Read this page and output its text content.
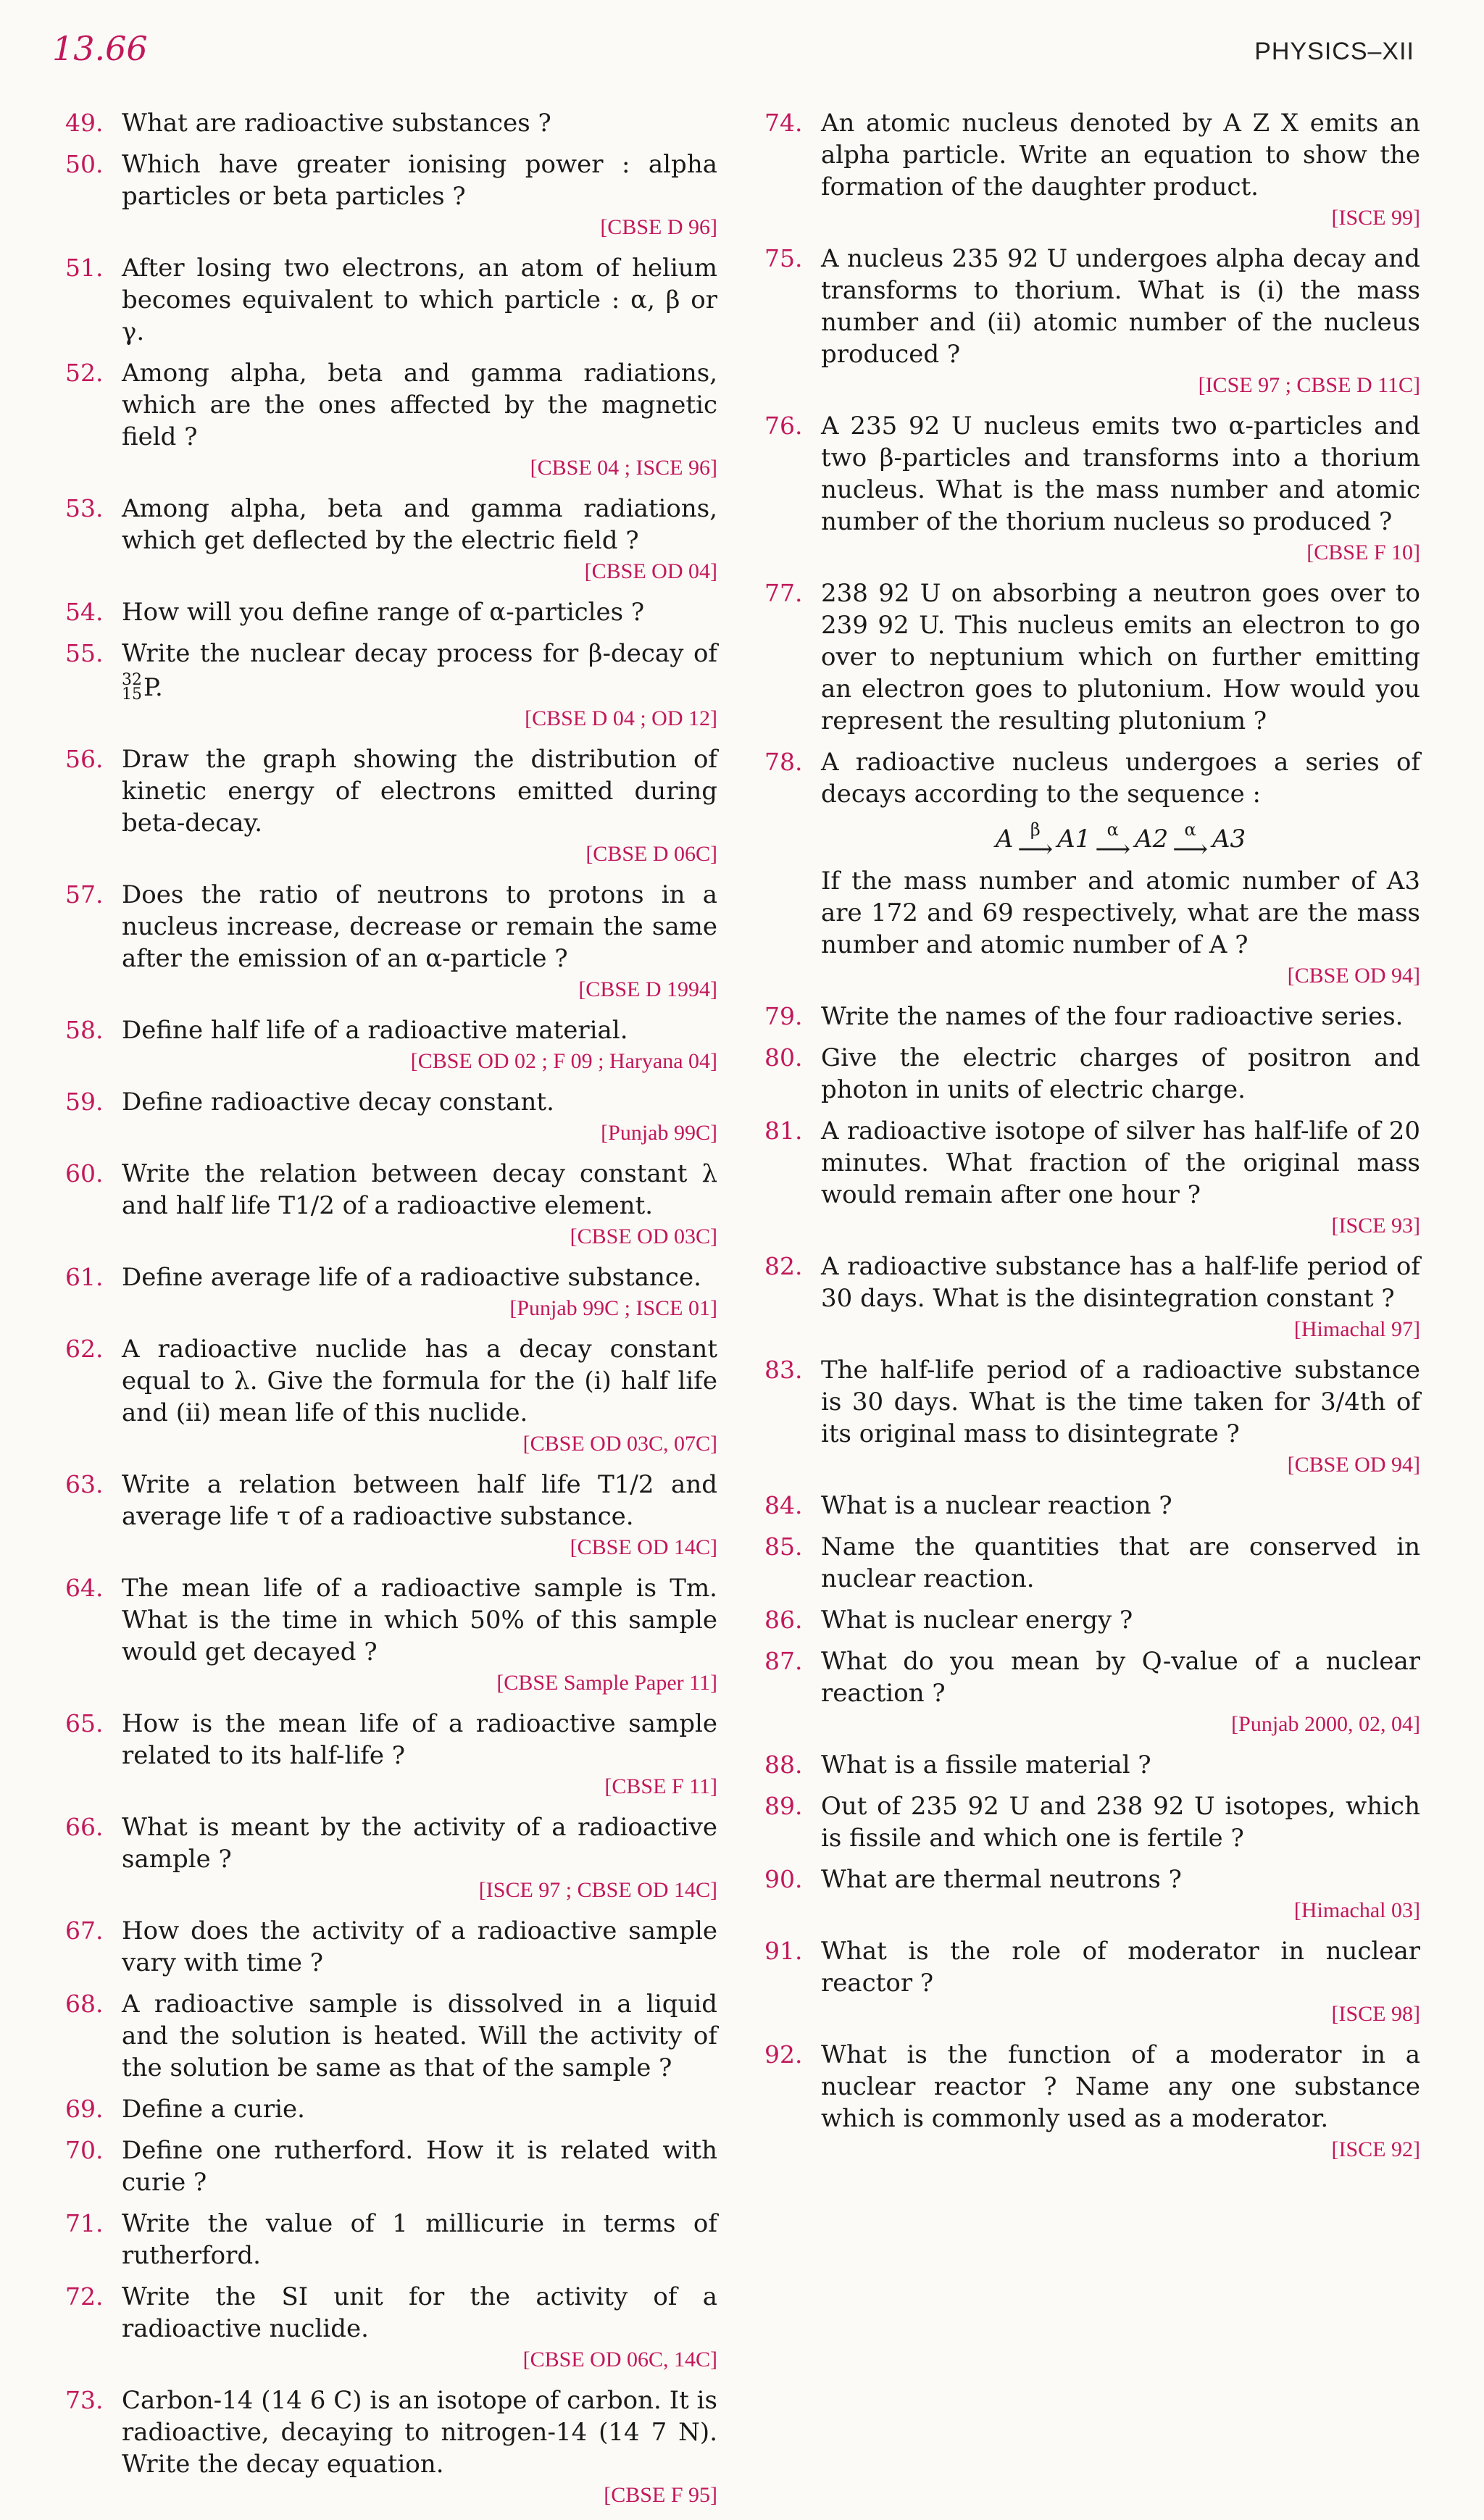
13.66	PHYSICS–XII
49. What are radioactive substances ?
50. Which have greater ionising power : alpha particles or beta particles ?
[CBSE D 96]
51. After losing two electrons, an atom of helium becomes equivalent to which particle : α, β or γ.
52. Among alpha, beta and gamma radiations, which are the ones affected by the magnetic field ?
[CBSE 04 ; ISCE 96]
53. Among alpha, beta and gamma radiations, which get deflected by the electric field ?
[CBSE OD 04]
54. How will you define range of α-particles ?
55. Write the nuclear decay process for β-decay of
32
15 P.
[CBSE D 04 ; OD 12]
56. Draw the graph showing the distribution of kinetic energy of electrons emitted during beta-decay.
[CBSE D 06C]
57. Does the ratio of neutrons to protons in a nucleus increase, decrease or remain the same after the emission of an α-particle ?
[CBSE D 1994]
58. Define half life of a radioactive material.
[CBSE OD 02 ; F 09 ; Haryana 04]
59. Define radioactive decay constant.
[Punjab 99C]
60. Write the relation between decay constant λ and half life T1/2 of a radioactive element.
[CBSE OD 03C]
61. Define average life of a radioactive substance.
[Punjab 99C ; ISCE 01]
62. A radioactive nuclide has a decay constant equal to λ. Give the formula for the (i) half life and (ii) mean life of this nuclide.
[CBSE OD 03C, 07C]
63. Write a relation between half life T1/2 and average life τ of a radioactive substance.
[CBSE OD 14C]
64. The mean life of a radioactive sample is Tm. What is the time in which 50% of this sample would get decayed ?
[CBSE Sample Paper 11]
65. How is the mean life of a radioactive sample related to its half-life ?
[CBSE F 11]
66. What is meant by the activity of a radioactive sample ?
[ISCE 97 ; CBSE OD 14C]
67. How does the activity of a radioactive sample vary with time ?
68. A radioactive sample is dissolved in a liquid and the solution is heated. Will the activity of the solution be same as that of the sample ?
69. Define a curie.
70. Define one rutherford. How it is related with curie ?
71. Write the value of 1 millicurie in terms of rutherford.
72. Write the SI unit for the activity of a radioactive nuclide.
[CBSE OD 06C, 14C]
73. Carbon-14 (14 6 C) is an isotope of carbon. It is radioactive, decaying to nitrogen-14 (14 7 N). Write the decay equation.
[CBSE F 95]
74. An atomic nucleus denoted by A Z X emits an alpha particle. Write an equation to show the formation of the daughter product.
[ISCE 99]
75. A nucleus 235 92 U undergoes alpha decay and transforms to thorium. What is (i) the mass number and (ii) atomic number of the nucleus produced ?
[ICSE 97 ; CBSE D 11C]
76. A 235 92 U nucleus emits two α-particles and two β-particles and transforms into a thorium nucleus. What is the mass number and atomic number of the thorium nucleus so produced ?
[CBSE F 10]
77. 238 92 U on absorbing a neutron goes over to 239 92 U. This nucleus emits an electron to go over to neptunium which on further emitting an electron goes to plutonium. How would you represent the resulting plutonium ?
78. A radioactive nucleus undergoes a series of decays according to the sequence :
A β
⟶ A1 α
⟶ A2 α
⟶ A3
If the mass number and atomic number of A3 are 172 and 69 respectively, what are the mass number and atomic number of A ?
[CBSE OD 94]
79. Write the names of the four radioactive series.
80. Give the electric charges of positron and photon in units of electric charge.
81. A radioactive isotope of silver has half-life of 20 minutes. What fraction of the original mass would remain after one hour ?
[ISCE 93]
82. A radioactive substance has a half-life period of 30 days. What is the disintegration constant ?
[Himachal 97]
83. The half-life period of a radioactive substance is 30 days. What is the time taken for 3/4th of its original mass to disintegrate ?
[CBSE OD 94]
84. What is a nuclear reaction ?
85. Name the quantities that are conserved in nuclear reaction.
86. What is nuclear energy ?
87. What do you mean by Q-value of a nuclear reaction ?
[Punjab 2000, 02, 04]
88. What is a fissile material ?
89. Out of 235 92 U and 238 92 U isotopes, which is fissile and which one is fertile ?
90. What are thermal neutrons ?
[Himachal 03]
91. What is the role of moderator in nuclear reactor ?
[ISCE 98]
92. What is the function of a moderator in a nuclear reactor ? Name any one substance which is commonly used as a moderator.
[ISCE 92]
